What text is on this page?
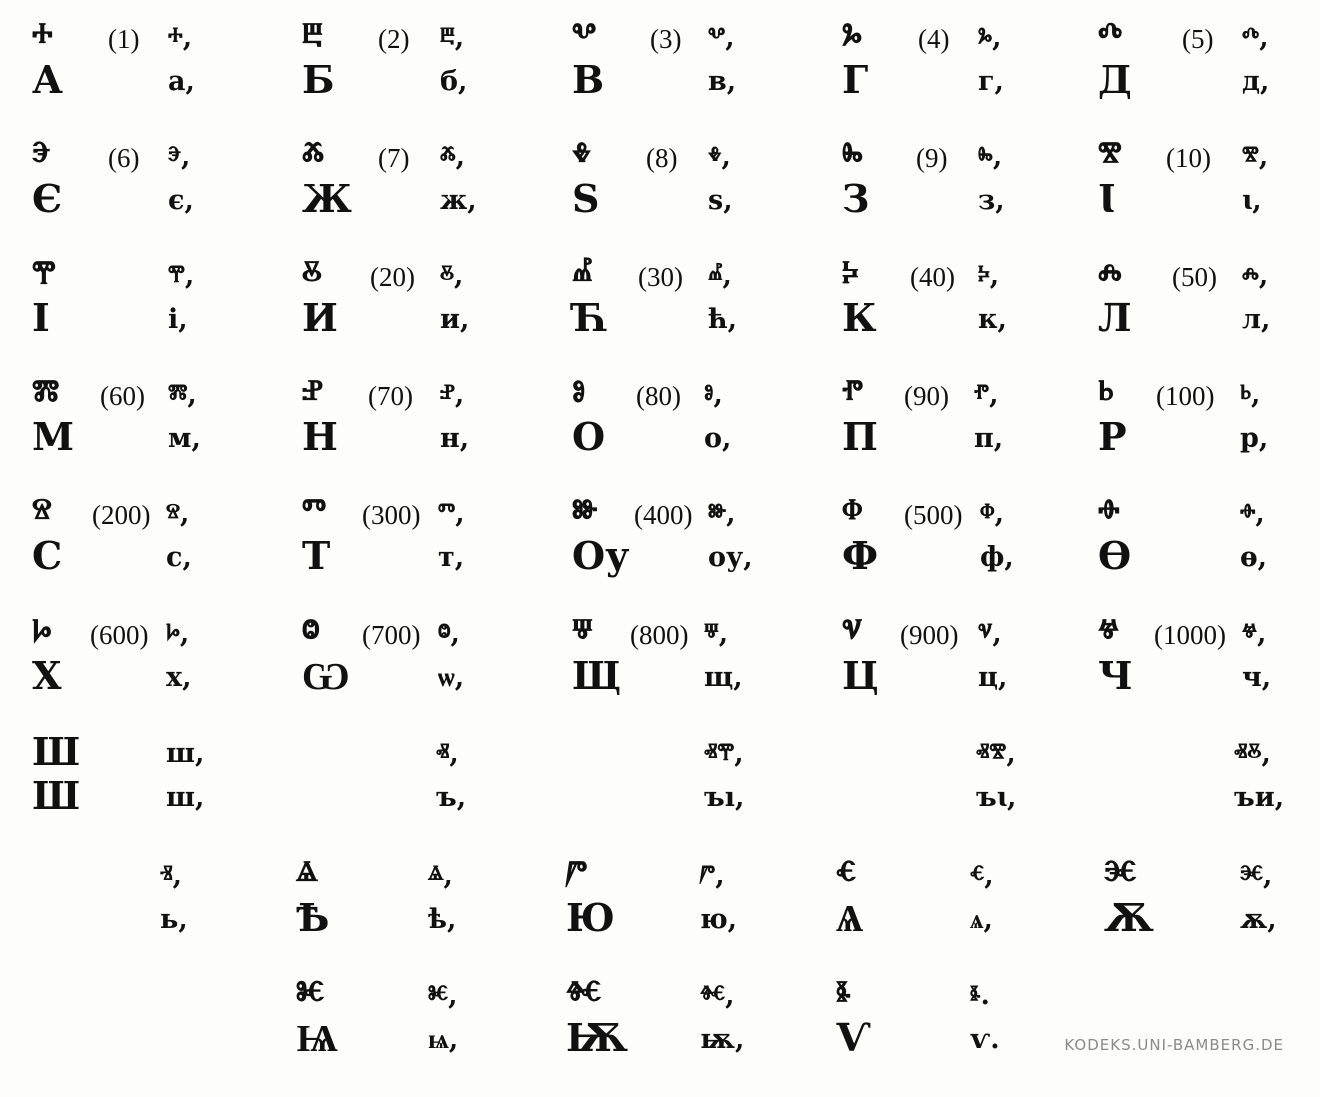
ⰰ
А
(1) ⰰ,
а,
ⰱ
Б
(2) ⰱ,
б,
ⰲ
В
(3) ⰲ,
в,
ⰳ
Г
(4) ⰳ,
г,
ⰴ
Д
(5) ⰴ,
д,
ⰵ
Є
(6) ⰵ,
є,
ⰶ
Ж
(7) ⰶ,
ж,
ⰷ
Ѕ
(8) ⰷ,
ѕ,
ⰸ
З
(9) ⰸ,
з,
ⰺ
Ꙇ
(10) ⰺ,
ꙇ,
ⰹ
І
ⰹ,
і,
ⰻ
И
(20) ⰻ,
и,
ⰼ
Ћ
(30) ⰼ,
ћ,
ⰽ
К
(40) ⰽ,
к,
ⰾ
Л
(50) ⰾ,
л,
ⰿ
М
(60) ⰿ,
м,
ⱀ
Н
(70) ⱀ,
н,
ⱁ
О
(80) ⱁ,
о,
ⱂ
П
(90) ⱂ,
п,
ⱃ
Р
(100) ⱃ,
р,
ⱄ
С
(200) ⱄ,
с,
ⱅ
Т
(300) ⱅ,
т,
ⱆ
Оу
(400) ⱆ,
оу,
ⱇ
Ф
(500) ⱇ,
ф,
ⱚ
Ѳ
ⱚ,
ѳ,
ⱈ
Х
(600) ⱈ,
х,
ⱉ
Ѡ
(700) ⱉ,
ѡ,
ⱋ
Щ
(800) ⱋ,
щ,
ⱌ
Ц
(900) ⱌ,
ц,
ⱍ
Ч
(1000) ⱍ,
ч,
Ш
Ш
ш,
ш,
ⱏ,
ъ,
ⱏⰹ,
ъı,
ⱏⰺ,
ъꙇ,
ⱏⰻ,
ъи,
ⱐ,
ь,
ⱑ
Ѣ
ⱑ,
ѣ,
ⱓ
Ю
ⱓ,
ю,
ⱔ
Ѧ
ⱔ,
ѧ,
ⱗ
Ѫ
ⱗ,
ѫ,
ⱘ
Ѩ
ⱘ,
ѩ,
ⱙ
Ѭ
ⱙ,
ѭ,
ⱛ
Ѵ
ⱛ.
ѵ.	KODEKS.UNI-BAMBERG.DE
